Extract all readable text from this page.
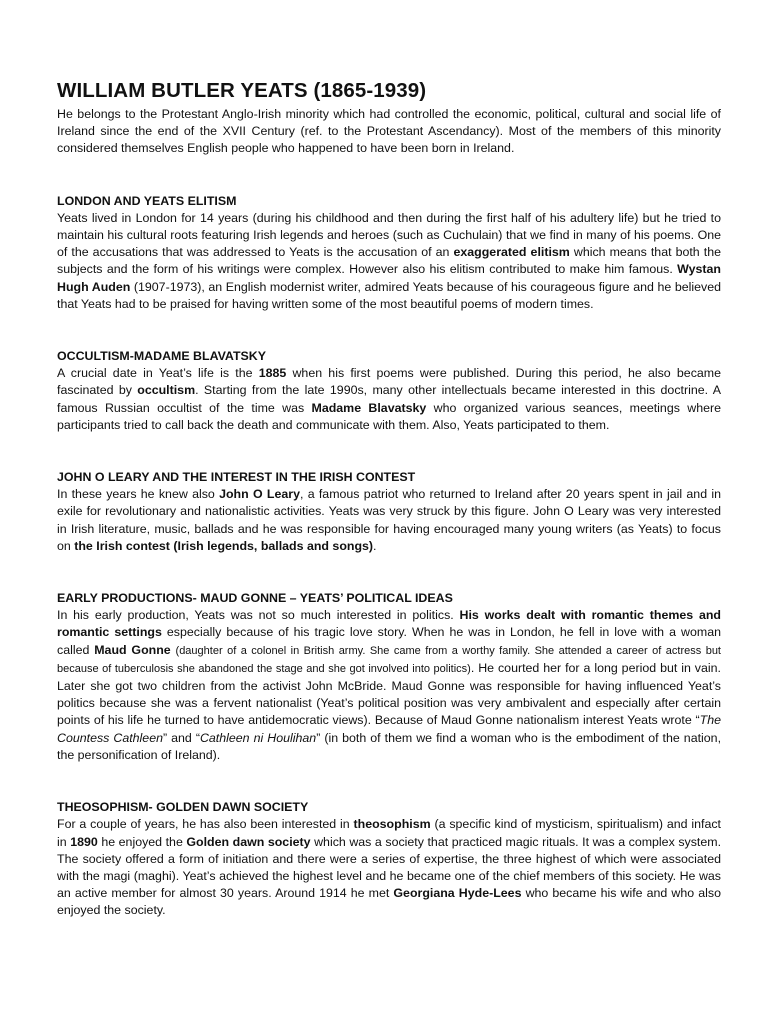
WILLIAM BUTLER YEATS (1865-1939)

He belongs to the Protestant Anglo-Irish minority which had controlled the economic, political, cultural and social life of Ireland since the end of the XVII Century (ref. to the Protestant Ascendancy). Most of the members of this minority considered themselves English people who happened to have been born in Ireland.

LONDON AND YEATS ELITISM

Yeats lived in London for 14 years (during his childhood and then during the first half of his adultery life) but he tried to maintain his cultural roots featuring Irish legends and heroes (such as Cuchulain) that we find in many of his poems. One of the accusations that was addressed to Yeats is the accusation of an exaggerated elitism which means that both the subjects and the form of his writings were complex. However also his elitism contributed to make him famous. Wystan Hugh Auden (1907-1973), an English modernist writer, admired Yeats because of his courageous figure and he believed that Yeats had to be praised for having written some of the most beautiful poems of modern times.

OCCULTISM-MADAME BLAVATSKY

A crucial date in Yeat’s life is the 1885 when his first poems were published. During this period, he also became fascinated by occultism. Starting from the late 1990s, many other intellectuals became interested in this doctrine. A famous Russian occultist of the time was Madame Blavatsky who organized various seances, meetings where participants tried to call back the death and communicate with them. Also, Yeats participated to them.

JOHN O LEARY AND THE INTEREST IN THE IRISH CONTEST

In these years he knew also John O Leary, a famous patriot who returned to Ireland after 20 years spent in jail and in exile for revolutionary and nationalistic activities. Yeats was very struck by this figure. John O Leary was very interested in Irish literature, music, ballads and he was responsible for having encouraged many young writers (as Yeats) to focus on the Irish contest (Irish legends, ballads and songs).

EARLY PRODUCTIONS- MAUD GONNE – YEATS’ POLITICAL IDEAS

In his early production, Yeats was not so much interested in politics. His works dealt with romantic themes and romantic settings especially because of his tragic love story. When he was in London, he fell in love with a woman called Maud Gonne (daughter of a colonel in British army. She came from a worthy family. She attended a career of actress but because of tuberculosis she abandoned the stage and she got involved into politics). He courted her for a long period but in vain. Later she got two children from the activist John McBride. Maud Gonne was responsible for having influenced Yeat’s politics because she was a fervent nationalist (Yeat’s political position was very ambivalent and especially after certain points of his life he turned to have antidemocratic views). Because of Maud Gonne nationalism interest Yeats wrote “The Countess Cathleen” and “Cathleen ni Houlihan” (in both of them we find a woman who is the embodiment of the nation, the personification of Ireland).

THEOSOPHISM- GOLDEN DAWN SOCIETY

For a couple of years, he has also been interested in theosophism (a specific kind of mysticism, spiritualism) and infact in 1890 he enjoyed the Golden dawn society which was a society that practiced magic rituals. It was a complex system. The society offered a form of initiation and there were a series of expertise, the three highest of which were associated with the magi (maghi). Yeat’s achieved the highest level and he became one of the chief members of this society. He was an active member for almost 30 years. Around 1914 he met Georgiana Hyde-Lees who became his wife and who also enjoyed the society.
